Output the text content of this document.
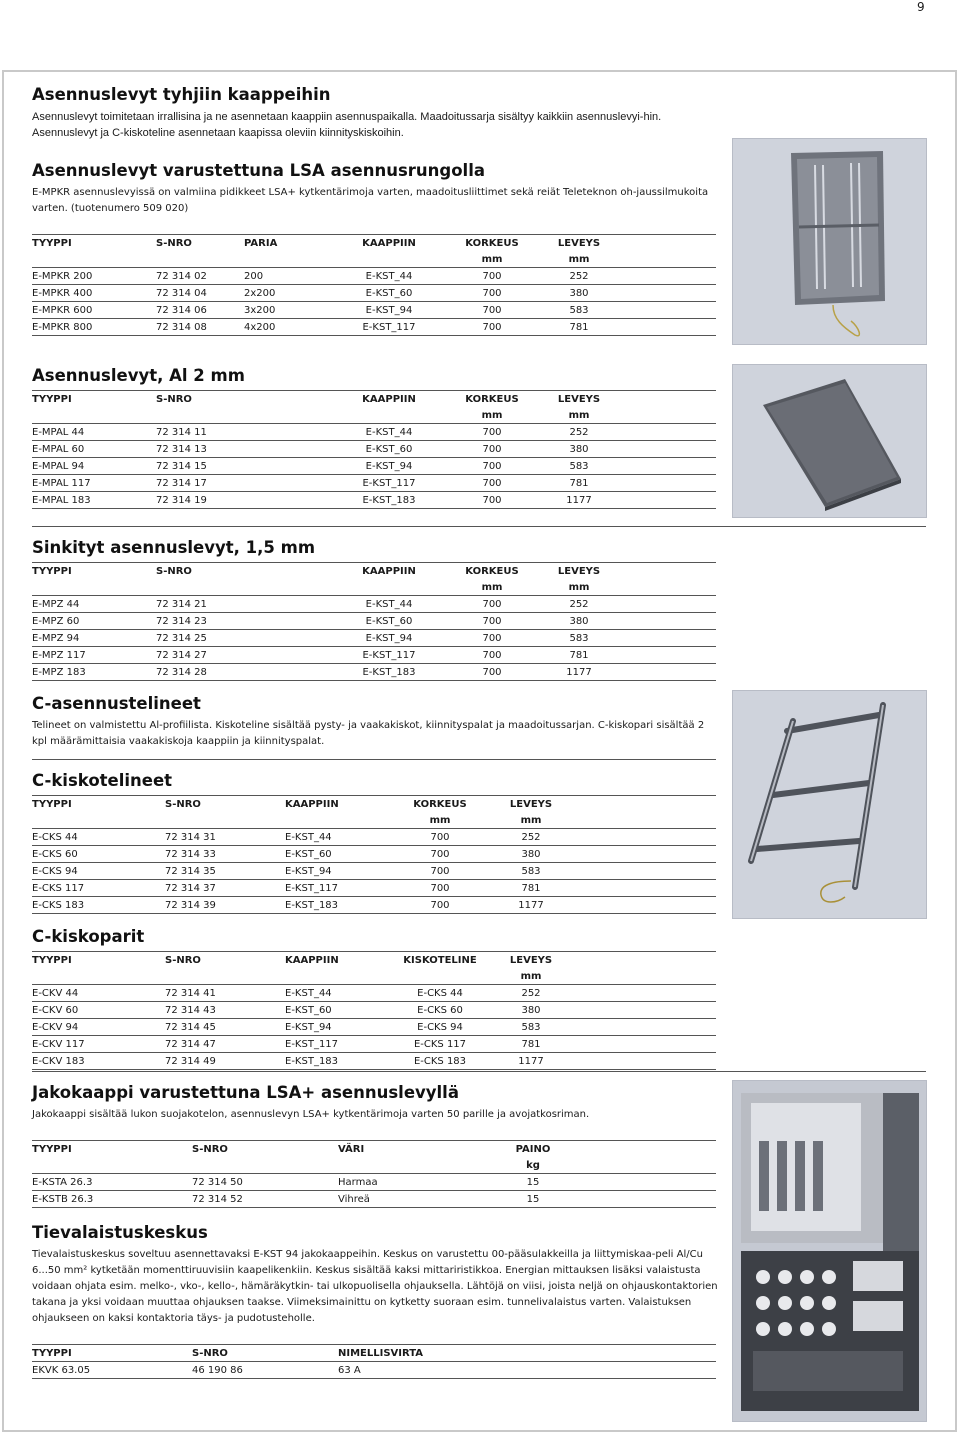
9
Asennuslevyt tyhjiin kaappeihin

Asennuslevyt toimitetaan irrallisina ja ne asennetaan kaappiin asennuspaikalla. Maadoitussarja sisältyy kaikkiin asennuslevyi-hin. Asennuslevyt ja C-kiskoteline asennetaan kaapissa oleviin kiinnityskiskoihin.

Asennuslevyt varustettuna LSA asennusrungolla

E-MPKR asennuslevyissä on valmiina pidikkeet LSA+ kytkentärimoja varten, maadoitusliittimet sekä reiät Teleteknon oh-jaussilmukoita varten. (tuotenumero 509 020)

TYYPPI	S-NRO	PARIA	KAAPPIIN	KORKEUS	LEVEYS	
				mm	mm	
E-MPKR 200	72 314 02	200	E-KST_44	700	252	
E-MPKR 400	72 314 04	2x200	E-KST_60	700	380	
E-MPKR 600	72 314 06	3x200	E-KST_94	700	583	
E-MPKR 800	72 314 08	4x200	E-KST_117	700	781	
Asennuslevyt, Al 2 mm
TYYPPI	S-NRO	KAAPPIIN	KORKEUS	LEVEYS	
			mm	mm	
E-MPAL 44	72 314 11	E-KST_44	700	252	
E-MPAL 60	72 314 13	E-KST_60	700	380	
E-MPAL 94	72 314 15	E-KST_94	700	583	
E-MPAL 117	72 314 17	E-KST_117	700	781	
E-MPAL 183	72 314 19	E-KST_183	700	1177	
Sinkityt asennuslevyt, 1,5 mm
TYYPPI	S-NRO	KAAPPIIN	KORKEUS	LEVEYS	
			mm	mm	
E-MPZ 44	72 314 21	E-KST_44	700	252	
E-MPZ 60	72 314 23	E-KST_60	700	380	
E-MPZ 94	72 314 25	E-KST_94	700	583	
E-MPZ 117	72 314 27	E-KST_117	700	781	
E-MPZ 183	72 314 28	E-KST_183	700	1177	
C-asennustelineet

Telineet on valmistettu Al-profiilista. Kiskoteline sisältää pysty- ja vaakakiskot, kiinnityspalat ja maadoitussarjan. C-kiskopari sisältää 2 kpl määrämittaisia vaakakiskoja kaappiin ja kiinnityspalat.

C-kiskotelineet
TYYPPI	S-NRO	KAAPPIIN	KORKEUS	LEVEYS	
			mm	mm	
E-CKS 44	72 314 31	E-KST_44	700	252	
E-CKS 60	72 314 33	E-KST_60	700	380	
E-CKS 94	72 314 35	E-KST_94	700	583	
E-CKS 117	72 314 37	E-KST_117	700	781	
E-CKS 183	72 314 39	E-KST_183	700	1177	
C-kiskoparit
TYYPPI	S-NRO	KAAPPIIN	KISKOTELINE	LEVEYS	
				mm	
E-CKV 44	72 314 41	E-KST_44	E-CKS 44	252	
E-CKV 60	72 314 43	E-KST_60	E-CKS 60	380	
E-CKV 94	72 314 45	E-KST_94	E-CKS 94	583	
E-CKV 117	72 314 47	E-KST_117	E-CKS 117	781	
E-CKV 183	72 314 49	E-KST_183	E-CKS 183	1177	
Jakokaappi varustettuna LSA+ asennuslevyllä

Jakokaappi sisältää lukon suojakotelon, asennuslevyn LSA+ kytkentärimoja varten 50 parille ja avojatkosriman.

TYYPPI	S-NRO	VÄRI	PAINO	
			kg	
E-KSTA 26.3	72 314 50	Harmaa	15	
E-KSTB 26.3	72 314 52	Vihreä	15	
Tievalaistuskeskus

Tievalaistuskeskus soveltuu asennettavaksi E-KST 94 jakokaappeihin. Keskus on varustettu 00-pääsulakkeilla ja liittymiskaa-peli Al/Cu 6...50 mm² kytketään momenttiruuvisiin kaapelikenkiin. Keskus sisältää kaksi mittariristikkoa. Energian mittauksen lisäksi valaistusta voidaan ohjata esim. melko-, vko-, kello-, hämäräkytkin- tai ulkopuolisella ohjauksella. Lähtöjä on viisi, joista neljä on ohjauskontaktorien takana ja yksi voidaan muuttaa ohjauksen taakse. Viimeksimainittu on kytketty suoraan esim. tunnelivalaistus varten. Valaistuksen ohjaukseen on kaksi kontaktoria täys- ja pudotusteholle.

TYYPPI	S-NRO	NIMELLISVIRTA	
EKVK 63.05	46 190 86	63 A	
